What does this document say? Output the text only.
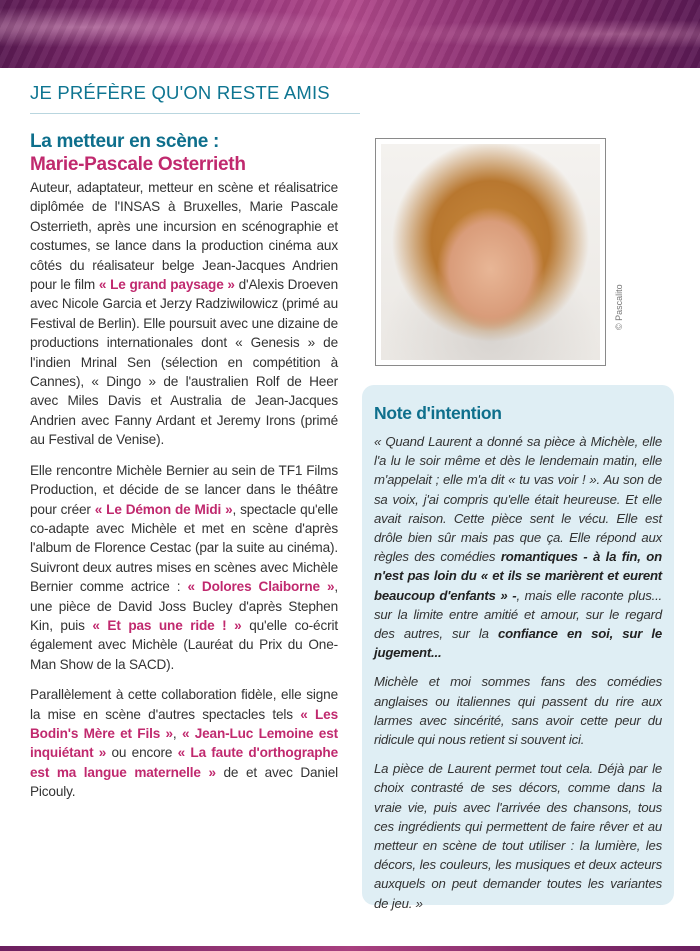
JE PRÉFÈRE QU'ON RESTE AMIS
La metteur en scène :
Marie-Pascale Osterrieth

Auteur, adaptateur, metteur en scène et réalisatrice diplômée de l'INSAS à Bruxelles, Marie Pascale Osterrieth, après une incursion en scénographie et costumes, se lance dans la production cinéma aux côtés du réalisateur belge Jean-Jacques Andrien pour le film « Le grand paysage » d'Alexis Droeven avec Nicole Garcia et Jerzy Radziwilowicz (primé au Festival de Berlin). Elle poursuit avec une dizaine de productions internationales dont « Genesis » de l'indien Mrinal Sen (sélection en compétition à Cannes), « Dingo » de l'australien Rolf de Heer avec Miles Davis et Australia de Jean-Jacques Andrien avec Fanny Ardant et Jeremy Irons (primé au Festival de Venise).

Elle rencontre Michèle Bernier au sein de TF1 Films Production, et décide de se lancer dans le théâtre pour créer « Le Démon de Midi », spectacle qu'elle co-adapte avec Michèle et met en scène d'après l'album de Florence Cestac (par la suite au cinéma). Suivront deux autres mises en scènes avec Michèle Bernier comme actrice : « Dolores Claiborne », une pièce de David Joss Bucley d'après Stephen Kin, puis « Et pas une ride ! » qu'elle co-écrit également avec Michèle (Lauréat du Prix du One-Man Show de la SACD).

Parallèlement à cette collaboration fidèle, elle signe la mise en scène d'autres spectacles tels « Les Bodin's Mère et Fils », « Jean-Luc Lemoine est inquiétant » ou encore « La faute d'orthographe est ma langue maternelle » de et avec Daniel Picouly.

© Pascalito
Note d'intention

« Quand Laurent a donné sa pièce à Michèle, elle l'a lu le soir même et dès le lendemain matin, elle m'appelait ; elle m'a dit « tu vas voir ! ». Au son de sa voix, j'ai compris qu'elle était heureuse. Et elle avait raison. Cette pièce sent le vécu. Elle est drôle bien sûr mais pas que ça. Elle répond aux règles des comédies romantiques - à la fin, on n'est pas loin du « et ils se marièrent et eurent beaucoup d'enfants » -, mais elle raconte plus... sur la limite entre amitié et amour, sur le regard des autres, sur la confiance en soi, sur le jugement...

Michèle et moi sommes fans des comédies anglaises ou italiennes qui passent du rire aux larmes avec sincérité, sans avoir cette peur du ridicule qui nous retient si souvent ici.

La pièce de Laurent permet tout cela. Déjà par le choix contrasté de ses décors, comme dans la vraie vie, puis avec l'arrivée des chansons, tous ces ingrédients qui permettent de faire rêver et au metteur en scène de tout utiliser : la lumière, les décors, les couleurs, les musiques et deux acteurs auxquels on peut demander toutes les variantes de jeu. »
